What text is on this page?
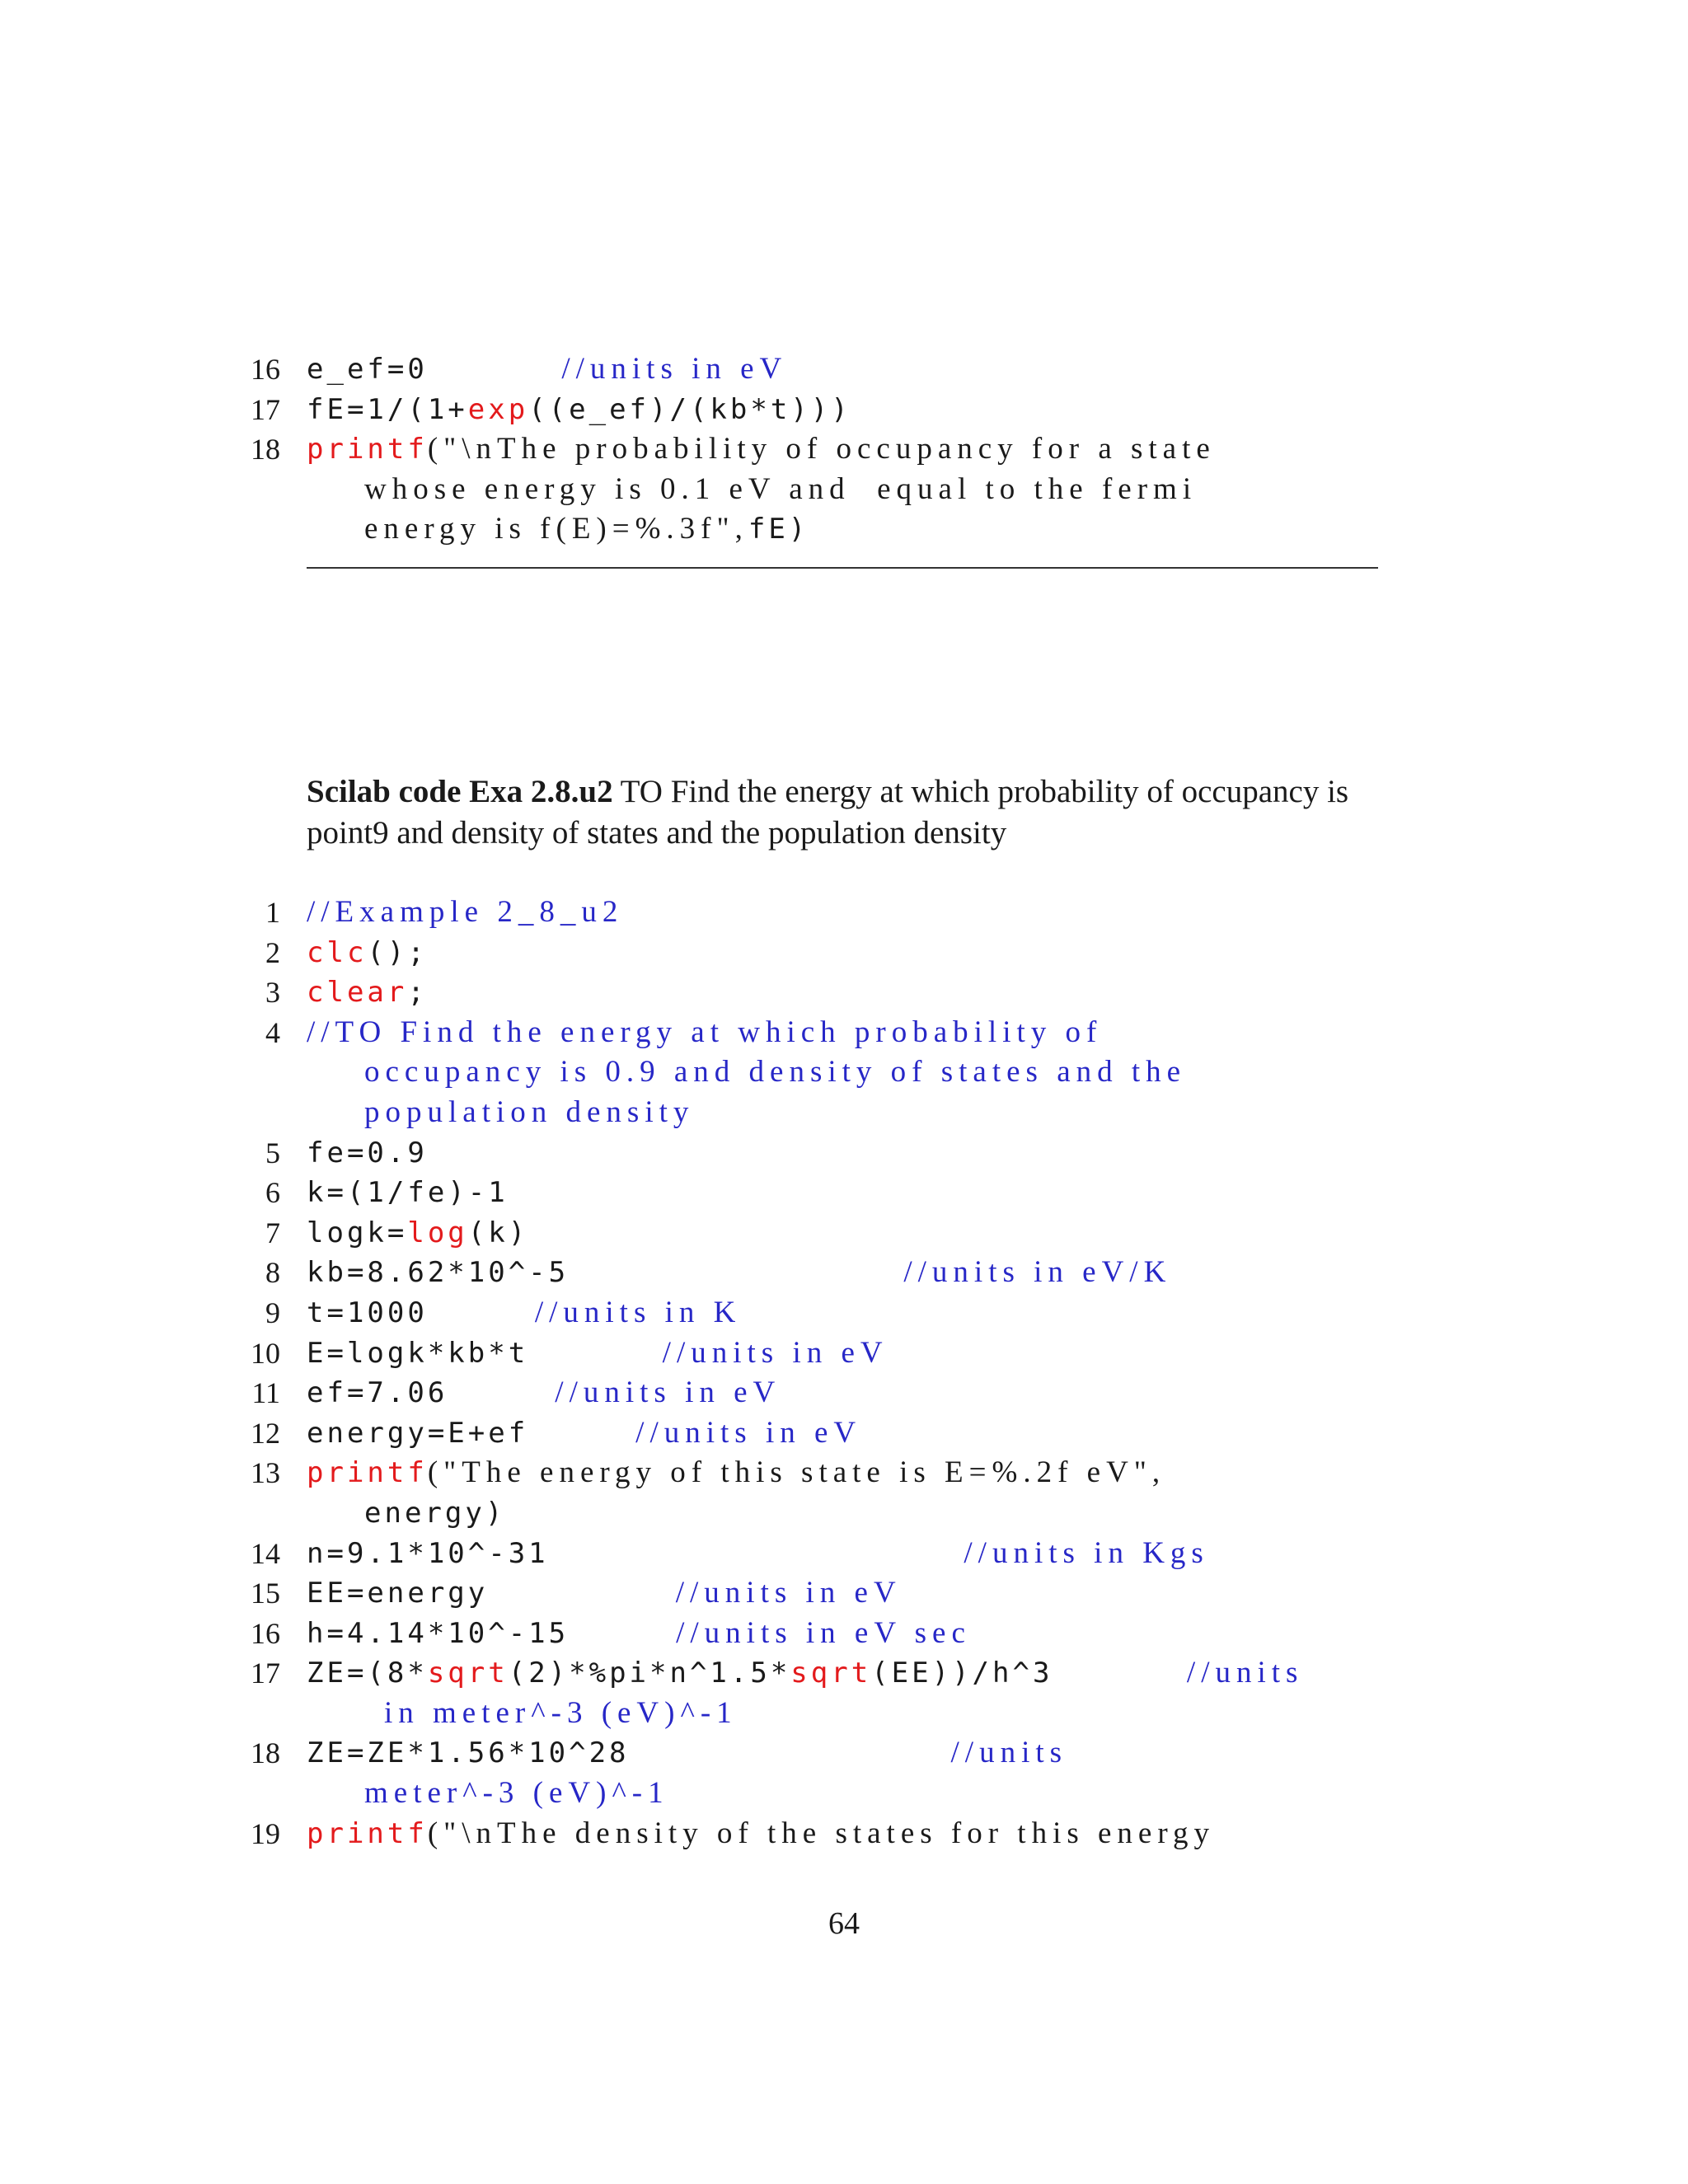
16 e_ef=0          //units in eV
17 fE=1/(1+exp((e_ef)/(kb*t)))
18 printf("\nThe probability of occupancy for a state
whose energy is 0.1 eV and  equal to the fermi
energy is f(E)=%.3f",fE)
Scilab code Exa 2.8.u2 TO Find the energy at which probability of occupancy is point9 and density of states and the population density
1 //Example 2_8_u2
2 clc();
3 clear;
4 //TO Find the energy at which probability of
occupancy is 0.9 and density of states and the
population density
5 fe=0.9
6 k=(1/fe)-1
7 logk=log(k)
8 kb=8.62*10^-5                         //units in eV/K
9 t=1000        //units in K
10 E=logk*kb*t          //units in eV
11 ef=7.06        //units in eV
12 energy=E+ef        //units in eV
13 printf("The energy of this state is E=%.2f eV",
energy)
14 n=9.1*10^-31                               //units in Kgs
15 EE=energy              //units in eV
16 h=4.14*10^-15        //units in eV sec
17 ZE=(8*sqrt(2)*%pi*n^1.5*sqrt(EE))/h^3          //units
in meter^-3 (eV)^-1
18 ZE=ZE*1.56*10^28                        //units
meter^-3 (eV)^-1
19 printf("\nThe density of the states for this energy
64
